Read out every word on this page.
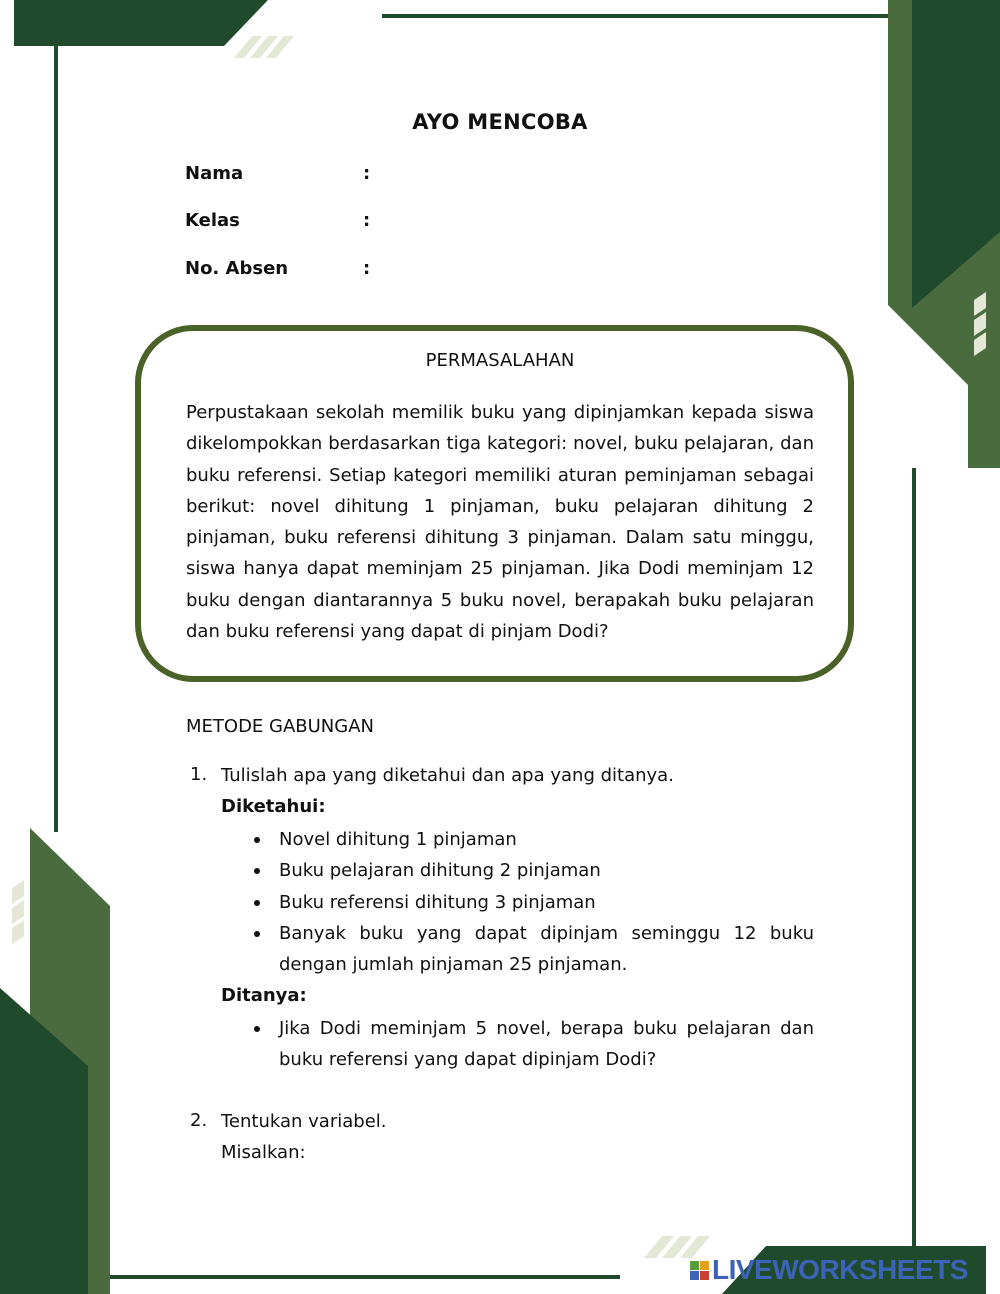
AYO MENCOBA
Nama	:
Kelas	:
No. Absen	:
PERMASALAHAN

Perpustakaan sekolah memilik buku yang dipinjamkan kepada siswa dikelompokkan berdasarkan tiga kategori: novel, buku pelajaran, dan buku referensi. Setiap kategori memiliki aturan peminjaman sebagai berikut: novel dihitung 1 pinjaman, buku pelajaran dihitung 2 pinjaman, buku referensi dihitung 3 pinjaman. Dalam satu minggu, siswa hanya dapat meminjam 25 pinjaman. Jika Dodi meminjam 12 buku dengan diantarannya 5 buku novel, berapakah buku pelajaran dan buku referensi yang dapat di pinjam Dodi?

METODE GABUNGAN
1. Tulislah apa yang diketahui dan apa yang ditanya.
Diketahui:
Novel dihitung 1 pinjaman
Buku pelajaran dihitung 2 pinjaman
Buku referensi dihitung 3 pinjaman
Banyak buku yang dapat dipinjam seminggu 12 buku dengan jumlah pinjaman 25 pinjaman.
Ditanya:
Jika Dodi meminjam 5 novel, berapa buku pelajaran dan buku referensi yang dapat dipinjam Dodi?
2. Tentukan variabel.
Misalkan:
LIVEWORKSHEETS
